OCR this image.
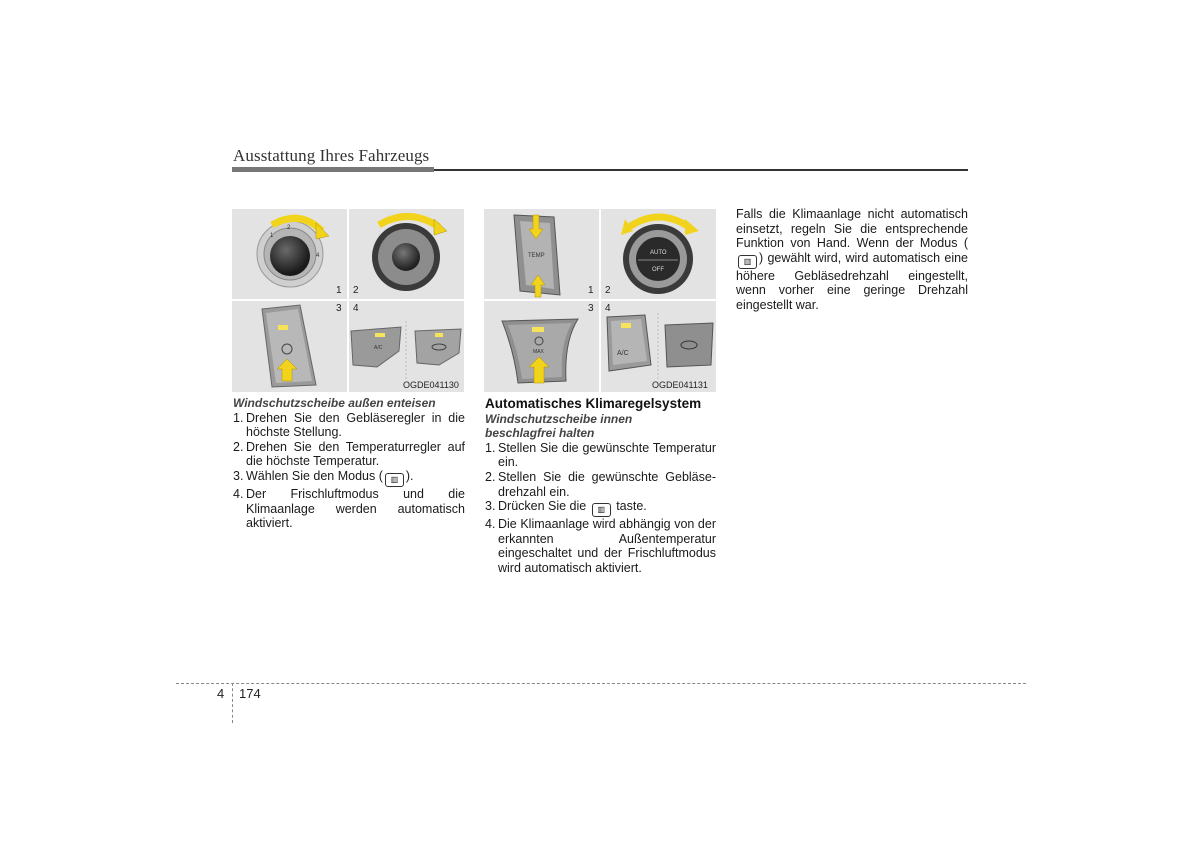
Ausstattung Ihres Fahrzeugs
1
2
4
1 2
3
A/C
4
OGDE041130
TEMP
1
AUTO
OFF
2
MAX
3
A/C
4
OGDE041131
Windschutzscheibe außen enteisen
1. Drehen Sie den Gebläseregler in die höchste Stellung.
2. Drehen Sie den Temperaturregler auf die höchste Temperatur.
3. Wählen Sie den Modus ( ▥ ).
4. Der Frischluftmodus und die Klimaanlage werden automatisch aktiviert.
Automatisches Klimaregelsystem
Windschutzscheibe innen
beschlagfrei halten
1. Stellen Sie die gewünschte Temperatur ein.
2. Stellen Sie die gewünschte Gebläse-drehzahl ein.
3. Drücken Sie die ▥ taste.
4. Die Klimaanlage wird abhängig von der erkannten Außentemperatur eingeschaltet und der Frischluftmodus wird automatisch aktiviert.
Falls die Klimaanlage nicht automatisch einsetzt, regeln Sie die entsprechende Funktion von Hand. Wenn der Modus (▥ ) gewählt wird, wird automatisch eine höhere Gebläsedrehzahl eingestellt, wenn vorher eine geringe Drehzahl eingestellt war.
4 174
